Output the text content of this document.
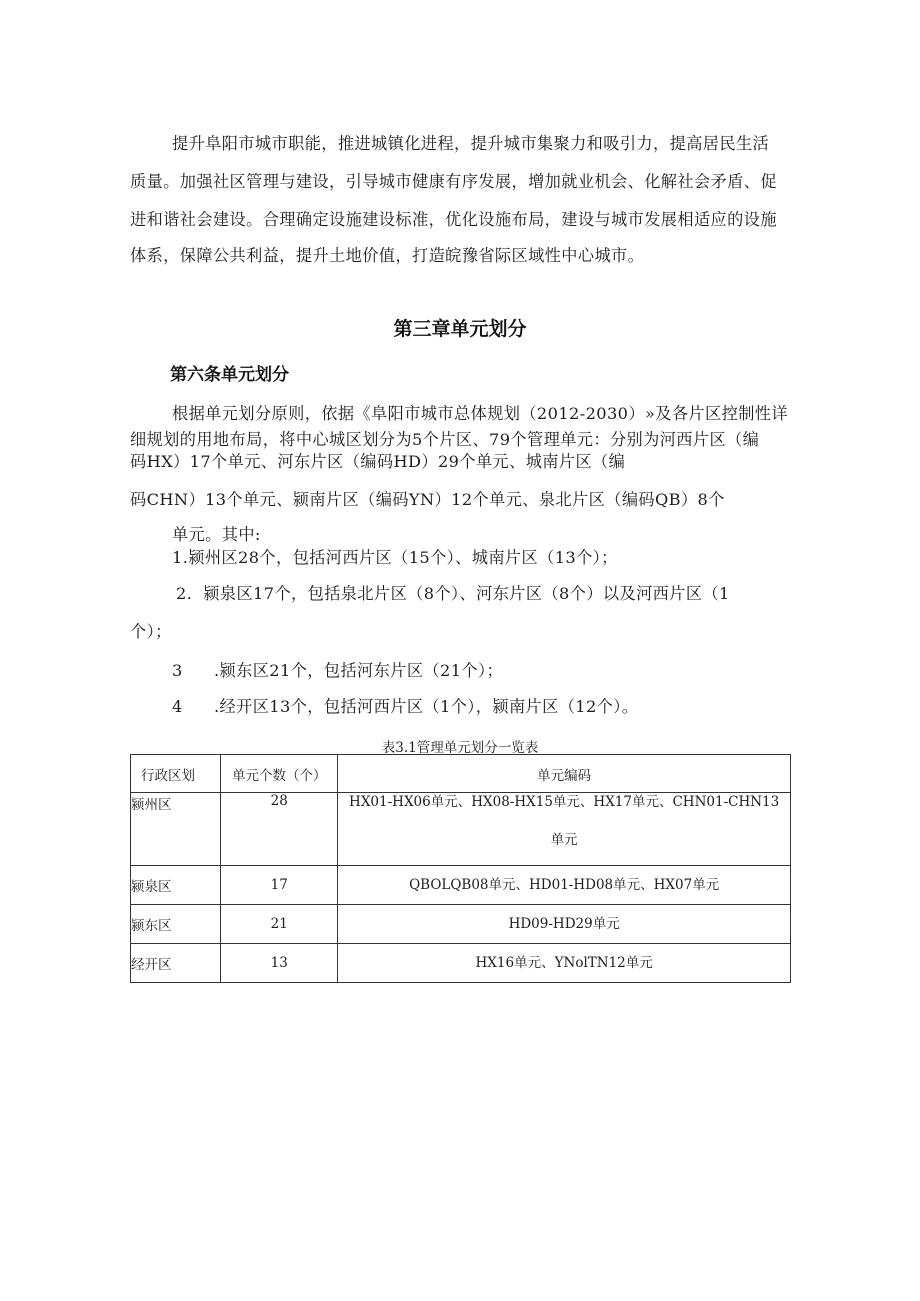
提升阜阳市城市职能，推进城镇化进程，提升城市集聚力和吸引力，提高居民生活
质量。加强社区管理与建设，引导城市健康有序发展，增加就业机会、化解社会矛盾、促
进和谐社会建设。合理确定设施建设标准，优化设施布局，建设与城市发展相适应的设施
体系，保障公共利益，提升土地价值，打造皖豫省际区域性中心城市。
第三章单元划分
第六条单元划分
根据单元划分原则，依据《阜阳市城市总体规划（2012-2030）»及各片区控制性详
细规划的用地布局，将中心城区划分为5个片区、79个管理单元：分别为河西片区（编
码HX）17个单元、河东片区（编码HD）29个单元、城南片区（编
码CHN）13个单元、颍南片区（编码YN）12个单元、泉北片区（编码QB）8个
单元。其中:
1.颍州区28个，包括河西片区（15个）、城南片区（13个）；
2．颍泉区17个，包括泉北片区（8个）、河东片区（8个）以及河西片区（1
个）；
3 .颍东区21个，包括河东片区（21个）；
4 .经开区13个，包括河西片区（1个），颍南片区（12个）。
表3.1管理单元划分一览表
行政区划	单元个数（个）	单元编码
颍州区	28	HX01-HX06单元、HX08-HX15单元、HX17单元、CHN01-CHN13
单元

颍泉区	17	QBOLQB08单元、HD01-HD08单元、HX07单元
颍东区	21	HD09-HD29单元
经开区	13	HX16单元、YNolTN12单元
